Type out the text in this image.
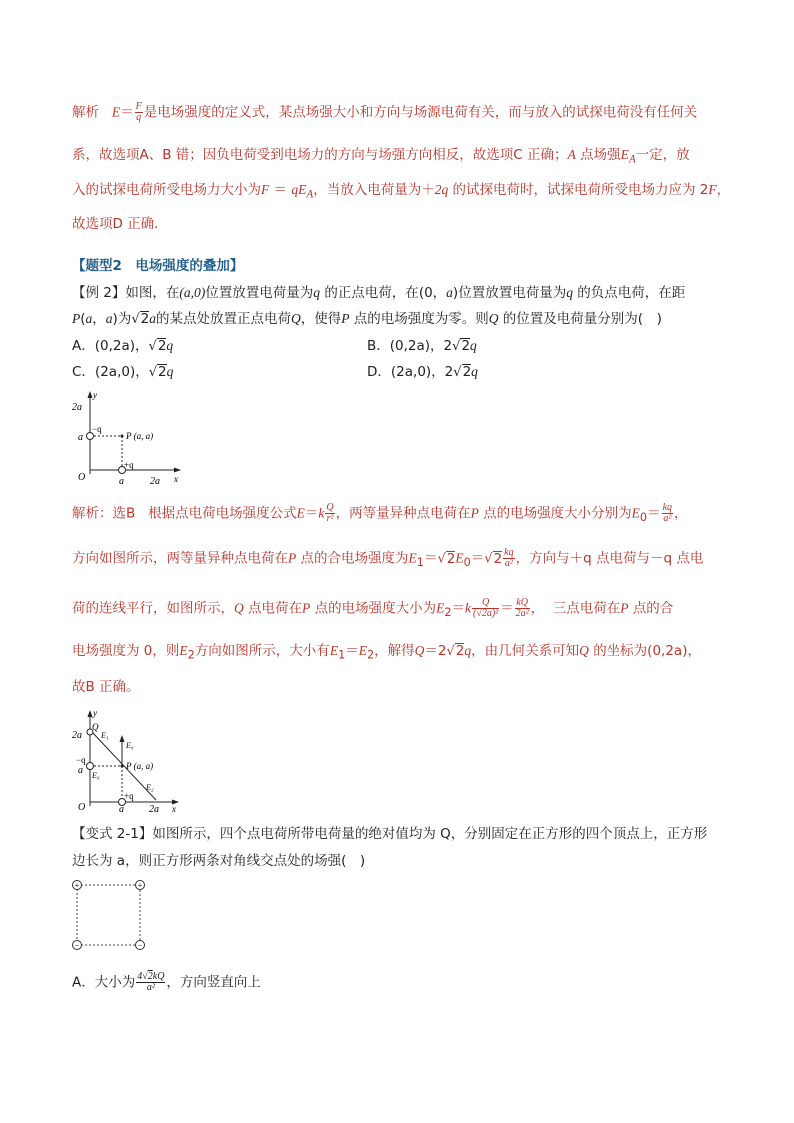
解析 $E= \frac{F}{q}$ 是电场强度的定义式，某点场强大小和方向与场源电荷有关，而与放入的试探电荷没有任何关
系，故选项A、B 错；因负电荷受到电场力的方向与场强方向相反，故选项C 正确；A 点场强$E_A$一定，放
入的试探电荷所受电场力大小为$F = qE_A$，当放入电荷量为＋2q 的试探电荷时，试探电荷所受电场力应为 2F，
故选项D 正确．
【题型2　电场强度的叠加】
【例 2】如图，在(a,0)位置放置电荷量为q 的正点电荷，在(0，a)位置放置电荷量为q 的负点电荷，在距
P(a，a)为√2a的某点处放置正点电荷Q，使得P 点的电场强度为零。则Q 的位置及电荷量分别为(　)
A．(0,2a)，√2q	B．(0,2a)，2√2q
C．(2a,0)，√2q	D．(2a,0)，2√2q
y
2a
a
−q
P (a, a)
O
+q
a	2a x
解析：选B 根据点电荷电场强度公式$E=k \frac{Q}{\text{r²}}$ ，两等量异种点电荷在P 点的电场强度大小分别为$E_0= \frac{kq}{\text{a²}}$ ，
方向如图所示，两等量异种点电荷在P 点的合电场强度为$E_1=√2E_0=√2 \frac{kq}{\text{a²}}$ ，方向与＋q 点电荷与－q 点电
荷的连线平行，如图所示，Q 点电荷在P 点的电场强度大小为$E_2=k \frac{Q}{\text{(√2a)²}} = \frac{kQ}{\text{2a²}}$ ，  三点电荷在P 点的合
电场强度为 0，则$E_2$方向如图所示，大小有$E_1=E_2$，解得Q＝2√2q，由几何关系可知Q 的坐标为(0,2a)，
故B 正确。
y
2a
Q
E₁
E₀
a
−q
E₀
P (a, a)
E₂
O
+q
a	2a x
【变式 2-1】如图所示，四个点电荷所带电荷量的绝对值均为 Q，分别固定在正方形的四个顶点上，正方形
边长为 a，则正方形两条对角线交点处的场强(　)
+	+
−	−
A．大小为 $\frac{4√2kQ}{\text{a²}}$ ，方向竖直向上
